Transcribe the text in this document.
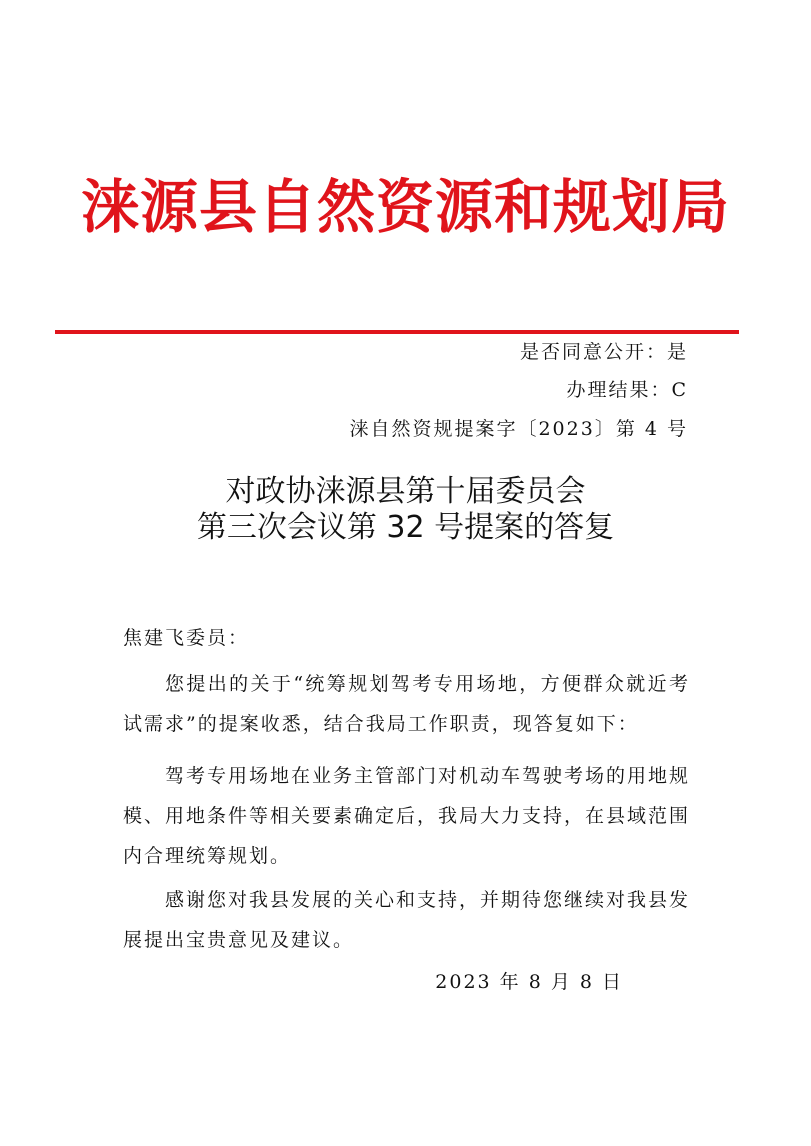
涞源县自然资源和规划局
是否同意公开：是
办理结果：C
涞自然资规提案字〔2023〕第 4 号
对政协涞源县第十届委员会
第三次会议第 32 号提案的答复
焦建飞委员：
您提出的关于“统筹规划驾考专用场地，方便群众就近考试需求”的提案收悉，结合我局工作职责，现答复如下：
驾考专用场地在业务主管部门对机动车驾驶考场的用地规模、用地条件等相关要素确定后，我局大力支持，在县域范围内合理统筹规划。
感谢您对我县发展的关心和支持，并期待您继续对我县发展提出宝贵意见及建议。
2023 年 8 月 8 日
